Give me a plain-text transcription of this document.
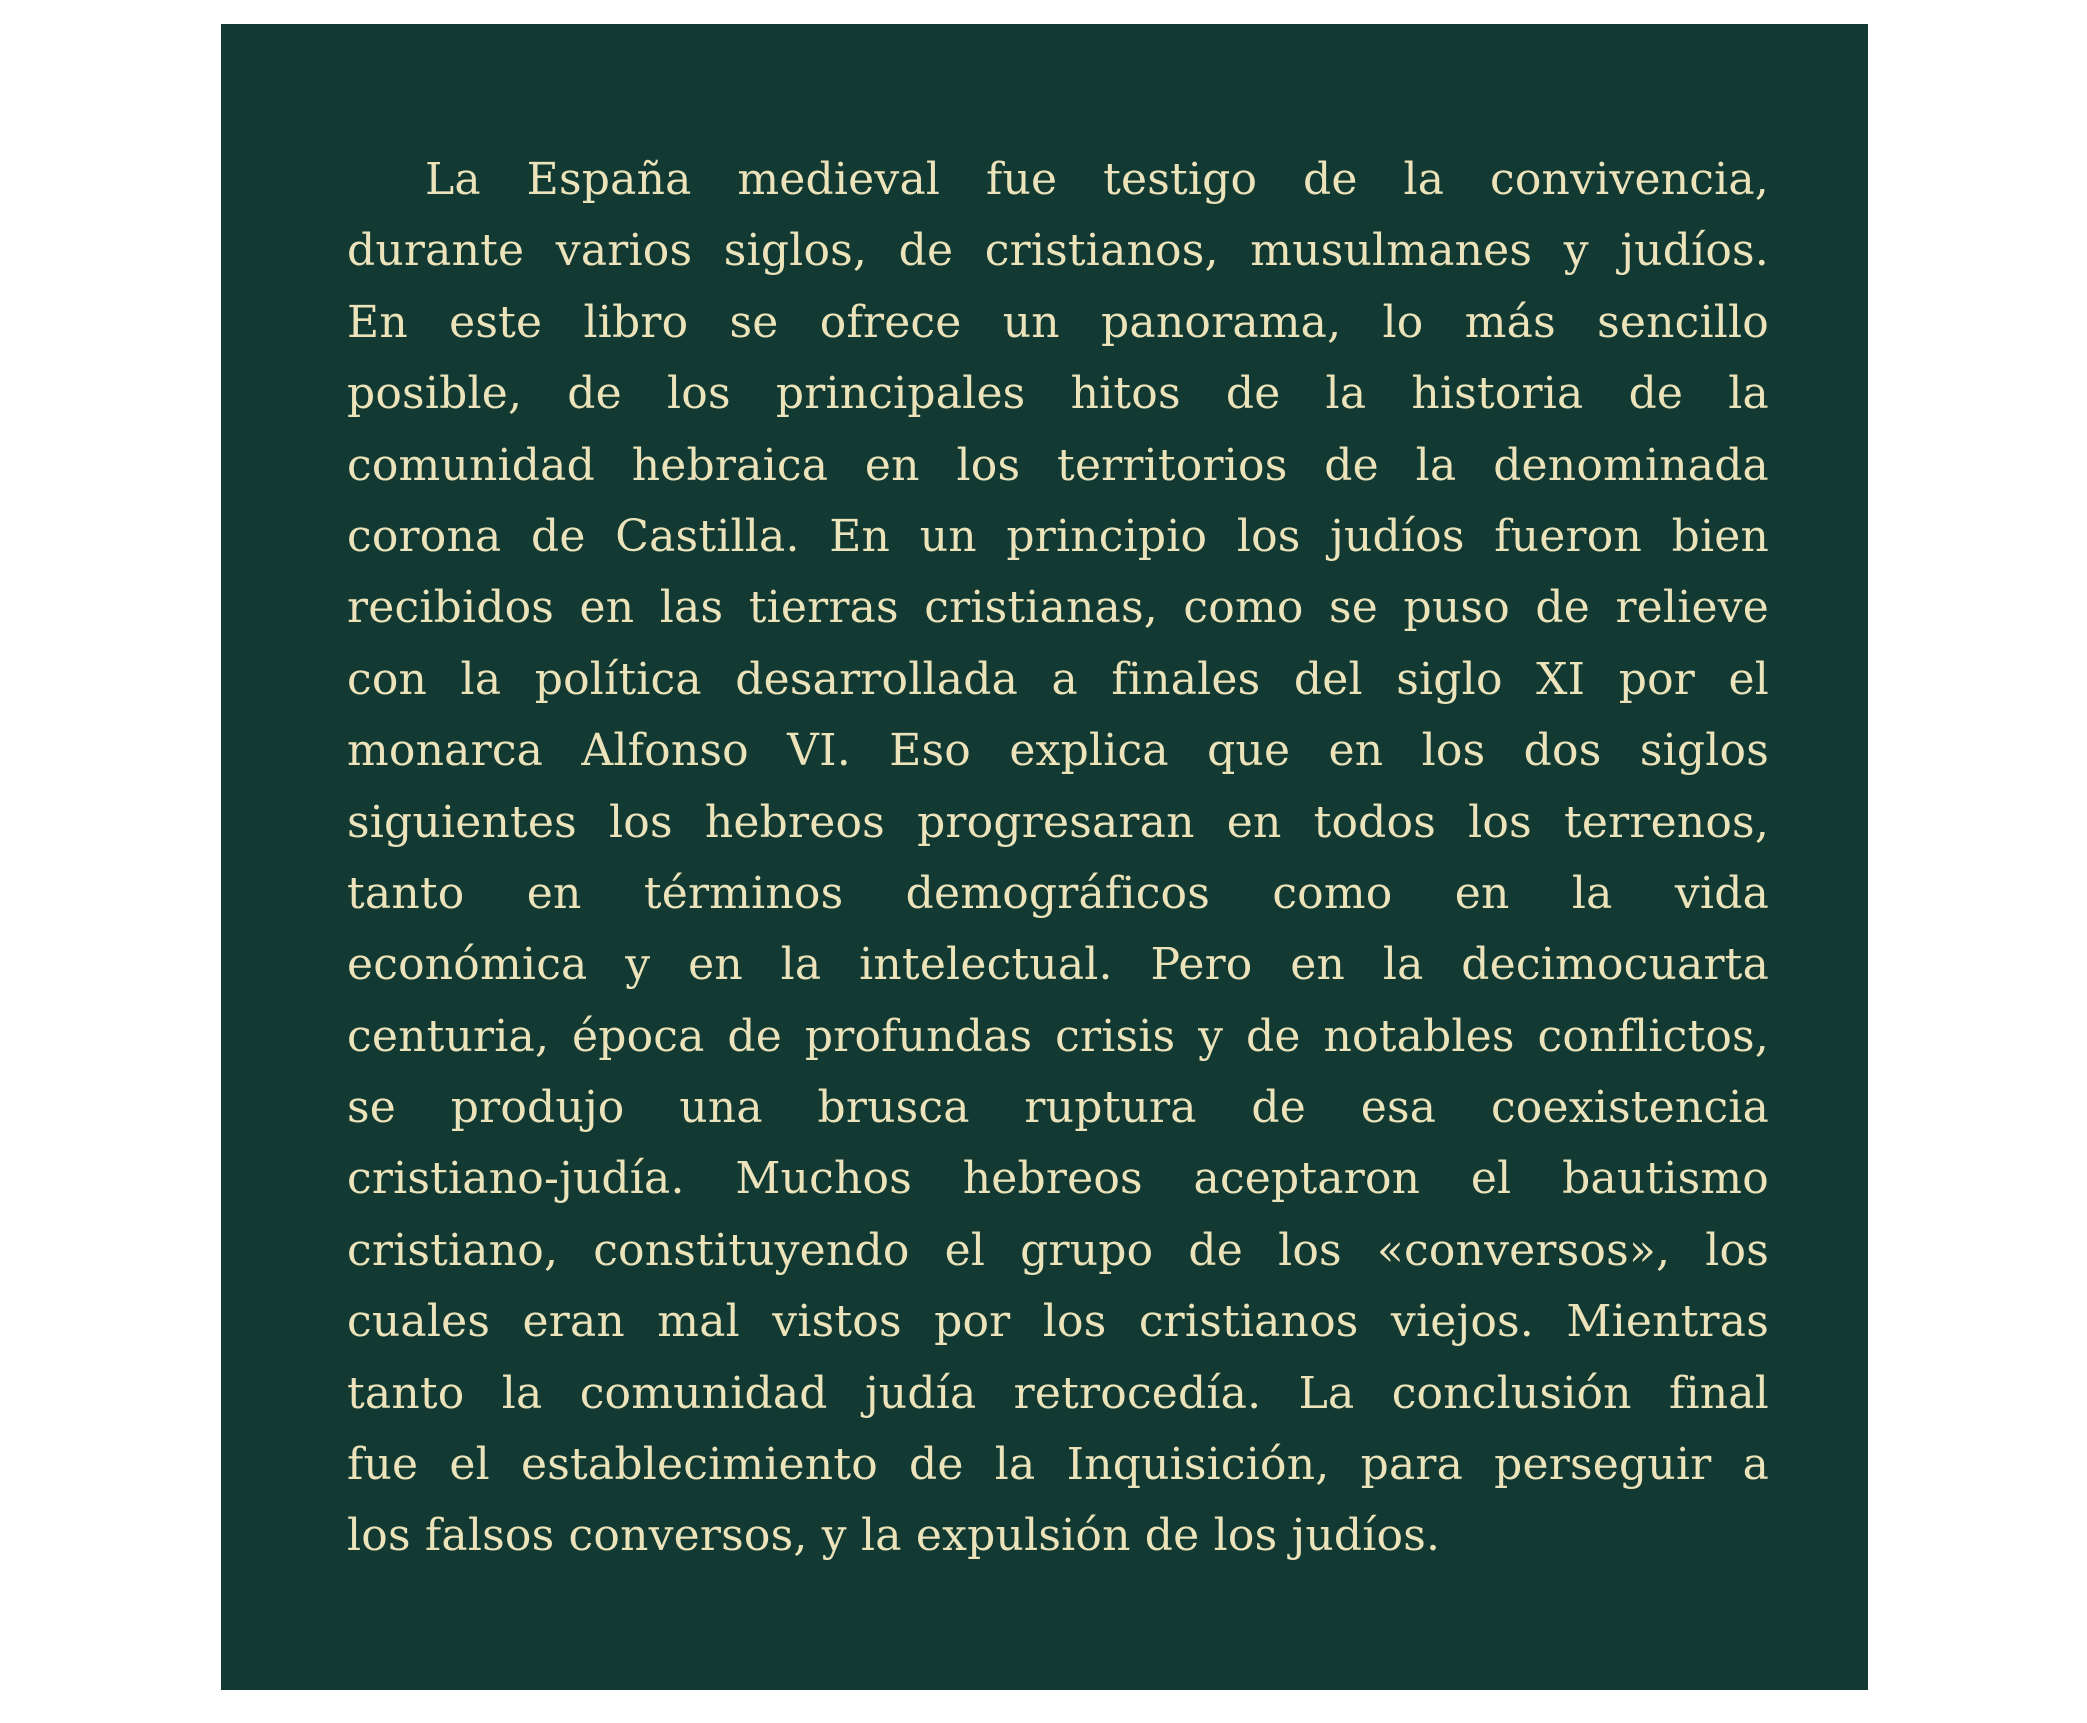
La España medieval fue testigo de la convivencia,
durante varios siglos, de cristianos, musulmanes y judíos.
En este libro se ofrece un panorama, lo más sencillo
posible, de los principales hitos de la historia de la
comunidad hebraica en los territorios de la denominada
corona de Castilla. En un principio los judíos fueron bien
recibidos en las tierras cristianas, como se puso de relieve
con la política desarrollada a finales del siglo XI por el
monarca Alfonso VI. Eso explica que en los dos siglos
siguientes los hebreos progresaran en todos los terrenos,
tanto en términos demográficos como en la vida
económica y en la intelectual. Pero en la decimocuarta
centuria, época de profundas crisis y de notables conflictos,
se produjo una brusca ruptura de esa coexistencia
cristiano-judía. Muchos hebreos aceptaron el bautismo
cristiano, constituyendo el grupo de los «conversos», los
cuales eran mal vistos por los cristianos viejos. Mientras
tanto la comunidad judía retrocedía. La conclusión final
fue el establecimiento de la Inquisición, para perseguir a
los falsos conversos, y la expulsión de los judíos.
